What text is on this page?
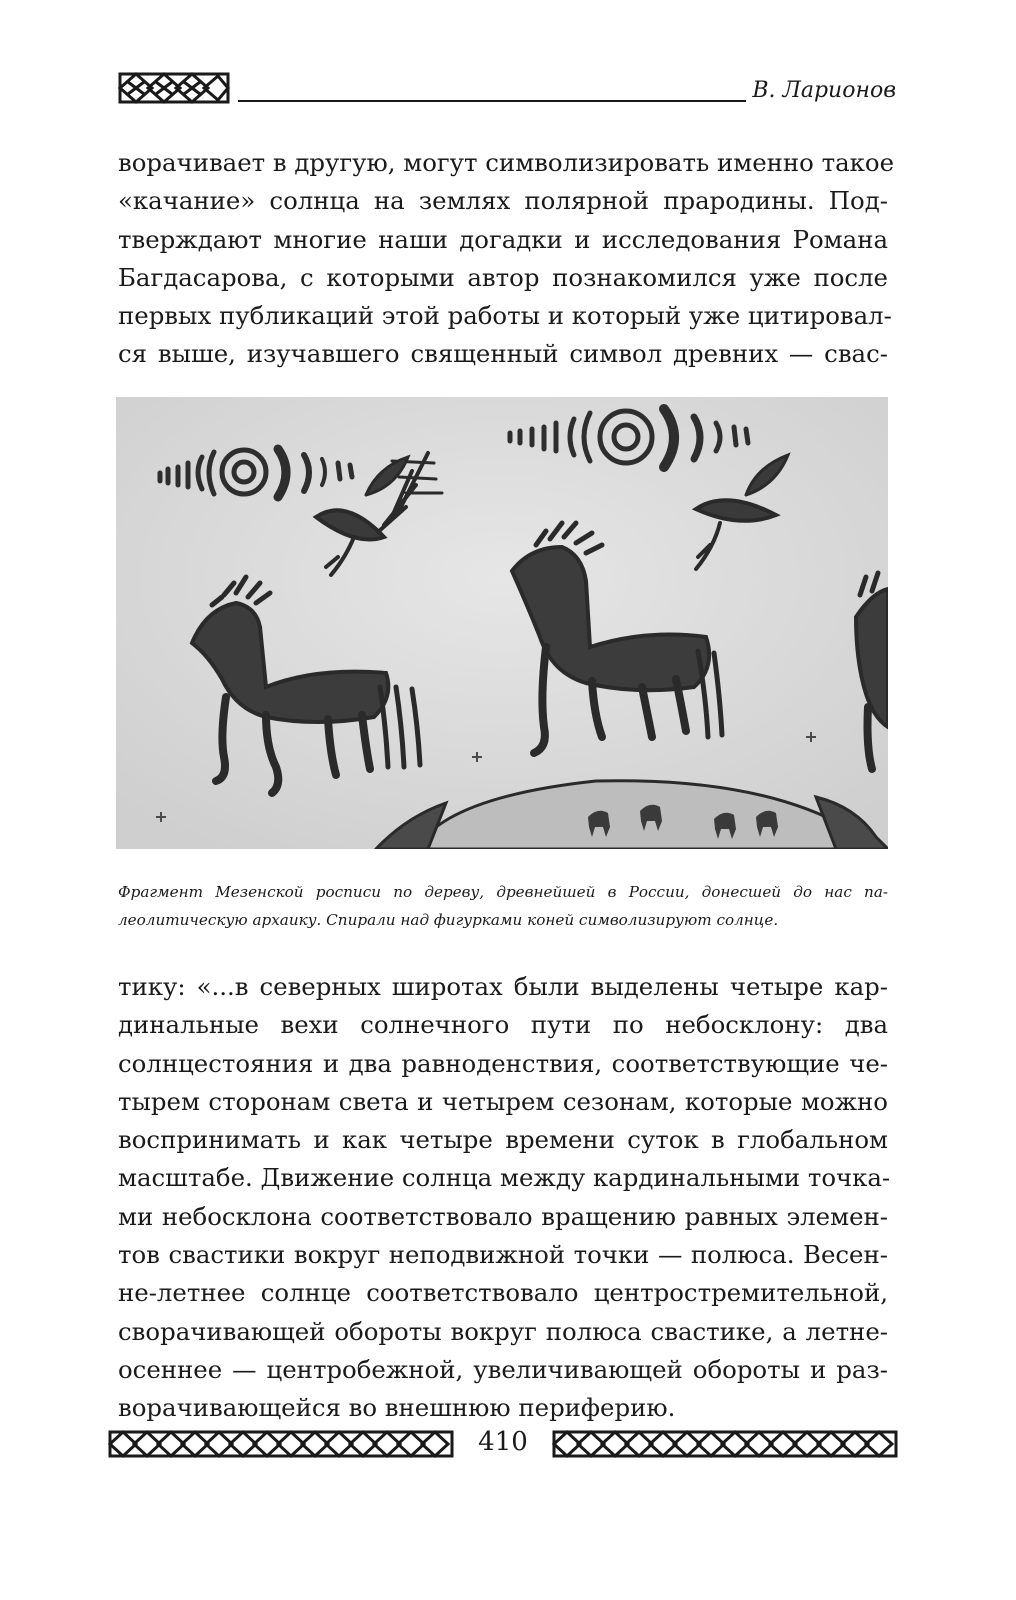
В. Ларионов
ворачивает в другую, могут символизировать именно такое
«качание» солнца на землях полярной прародины. Под-
тверждают многие наши догадки и исследования Романа
Багдасарова, с которыми автор познакомился уже после
первых публикаций этой работы и который уже цитировал-
ся выше, изучавшего священный символ древних — свас-
Фрагмент Мезенской росписи по дереву, древнейшей в России, донесшей до нас па-
леолитическую архаику. Спирали над фигурками коней символизируют солнце.
тику: «...в северных широтах были выделены четыре кар-
динальные вехи солнечного пути по небосклону: два
солнцестояния и два равноденствия, соответствующие че-
тырем сторонам света и четырем сезонам, которые можно
воспринимать и как четыре времени суток в глобальном
масштабе. Движение солнца между кардинальными точка-
ми небосклона соответствовало вращению равных элемен-
тов свастики вокруг неподвижной точки — полюса. Весен-
не-летнее солнце соответствовало центростремительной,
сворачивающей обороты вокруг полюса свастике, а летне-
осеннее — центробежной, увеличивающей обороты и раз-
ворачивающейся во внешнюю периферию.
410
